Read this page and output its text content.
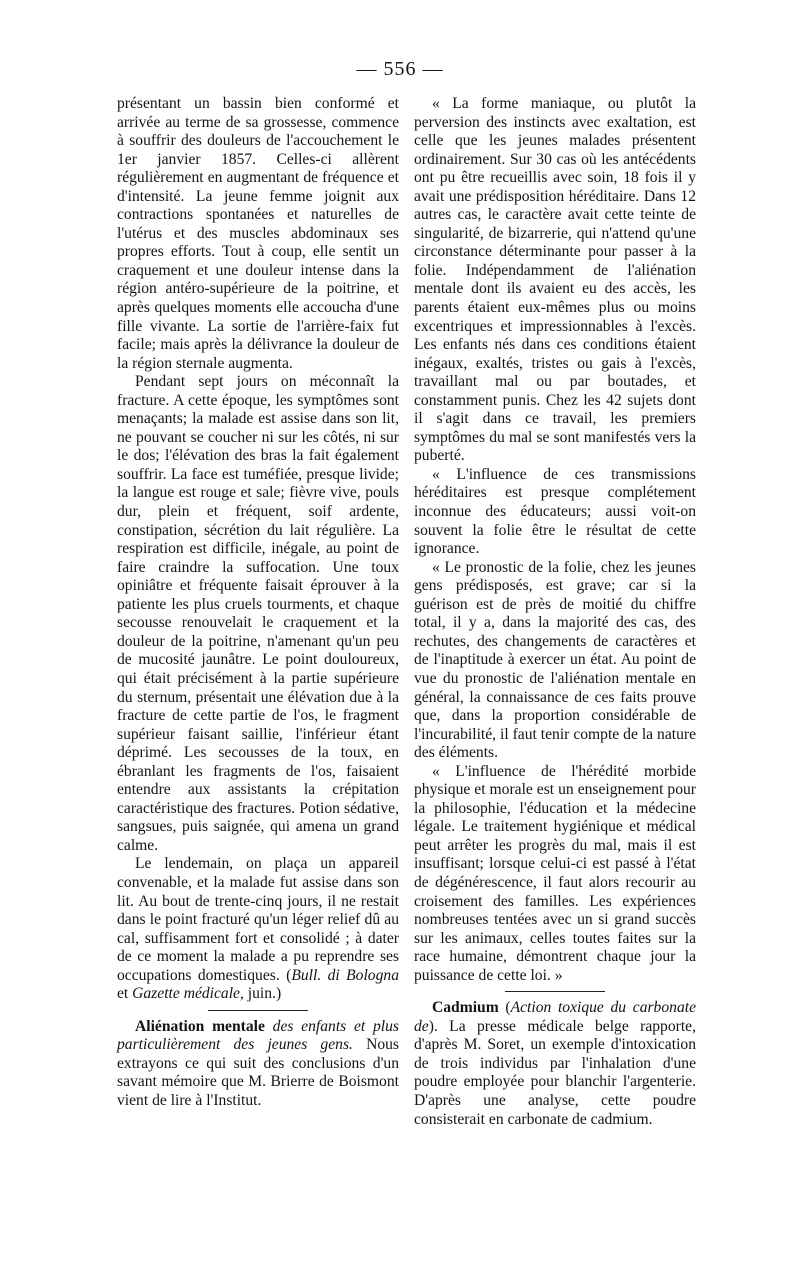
— 556 —

présentant un bassin bien conformé et arrivée au terme de sa grossesse, commence à souffrir des douleurs de l'accouchement le 1er janvier 1857. Celles-ci allèrent régulièrement en augmentant de fréquence et d'intensité. La jeune femme joignit aux contractions spontanées et naturelles de l'utérus et des muscles abdominaux ses propres efforts. Tout à coup, elle sentit un craquement et une douleur intense dans la région antéro-supérieure de la poitrine, et après quelques moments elle accoucha d'une fille vivante. La sortie de l'arrière-faix fut facile; mais après la délivrance la douleur de la région sternale augmenta.

Pendant sept jours on méconnaît la fracture. A cette époque, les symptômes sont menaçants; la malade est assise dans son lit, ne pouvant se coucher ni sur les côtés, ni sur le dos; l'élévation des bras la fait également souffrir. La face est tuméfiée, presque livide; la langue est rouge et sale; fièvre vive, pouls dur, plein et fréquent, soif ardente, constipation, sécrétion du lait régulière. La respiration est difficile, inégale, au point de faire craindre la suffocation. Une toux opiniâtre et fréquente faisait éprouver à la patiente les plus cruels tourments, et chaque secousse renouvelait le craquement et la douleur de la poitrine, n'amenant qu'un peu de mucosité jaunâtre. Le point douloureux, qui était précisément à la partie supérieure du sternum, présentait une élévation due à la fracture de cette partie de l'os, le fragment supérieur faisant saillie, l'inférieur étant déprimé. Les secousses de la toux, en ébranlant les fragments de l'os, faisaient entendre aux assistants la crépitation caractéristique des fractures. Potion sédative, sangsues, puis saignée, qui amena un grand calme.

Le lendemain, on plaça un appareil convenable, et la malade fut assise dans son lit. Au bout de trente-cinq jours, il ne restait dans le point fracturé qu'un léger relief dû au cal, suffisamment fort et consolidé ; à dater de ce moment la malade a pu reprendre ses occupations domestiques. (Bull. di Bologna et Gazette médicale, juin.)

Aliénation mentale des enfants et plus particulièrement des jeunes gens. Nous extrayons ce qui suit des conclusions d'un savant mémoire que M. Brierre de Boismont vient de lire à l'Institut.

« La forme maniaque, ou plutôt la perversion des instincts avec exaltation, est celle que les jeunes malades présentent ordinairement. Sur 30 cas où les antécédents ont pu être recueillis avec soin, 18 fois il y avait une prédisposition héréditaire. Dans 12 autres cas, le caractère avait cette teinte de singularité, de bizarrerie, qui n'attend qu'une circonstance déterminante pour passer à la folie. Indépendamment de l'aliénation mentale dont ils avaient eu des accès, les parents étaient eux-mêmes plus ou moins excentriques et impressionnables à l'excès. Les enfants nés dans ces conditions étaient inégaux, exaltés, tristes ou gais à l'excès, travaillant mal ou par boutades, et constamment punis. Chez les 42 sujets dont il s'agit dans ce travail, les premiers symptômes du mal se sont manifestés vers la puberté.

« L'influence de ces transmissions héréditaires est presque complétement inconnue des éducateurs; aussi voit-on souvent la folie être le résultat de cette ignorance.

« Le pronostic de la folie, chez les jeunes gens prédisposés, est grave; car si la guérison est de près de moitié du chiffre total, il y a, dans la majorité des cas, des rechutes, des changements de caractères et de l'inaptitude à exercer un état. Au point de vue du pronostic de l'aliénation mentale en général, la connaissance de ces faits prouve que, dans la proportion considérable de l'incurabilité, il faut tenir compte de la nature des éléments.

« L'influence de l'hérédité morbide physique et morale est un enseignement pour la philosophie, l'éducation et la médecine légale. Le traitement hygiénique et médical peut arrêter les progrès du mal, mais il est insuffisant; lorsque celui-ci est passé à l'état de dégénérescence, il faut alors recourir au croisement des familles. Les expériences nombreuses tentées avec un si grand succès sur les animaux, celles toutes faites sur la race humaine, démontrent chaque jour la puissance de cette loi. »

Cadmium (Action toxique du carbonate de). La presse médicale belge rapporte, d'après M. Soret, un exemple d'intoxication de trois individus par l'inhalation d'une poudre employée pour blanchir l'argenterie. D'après une analyse, cette poudre consisterait en carbonate de cadmium.
